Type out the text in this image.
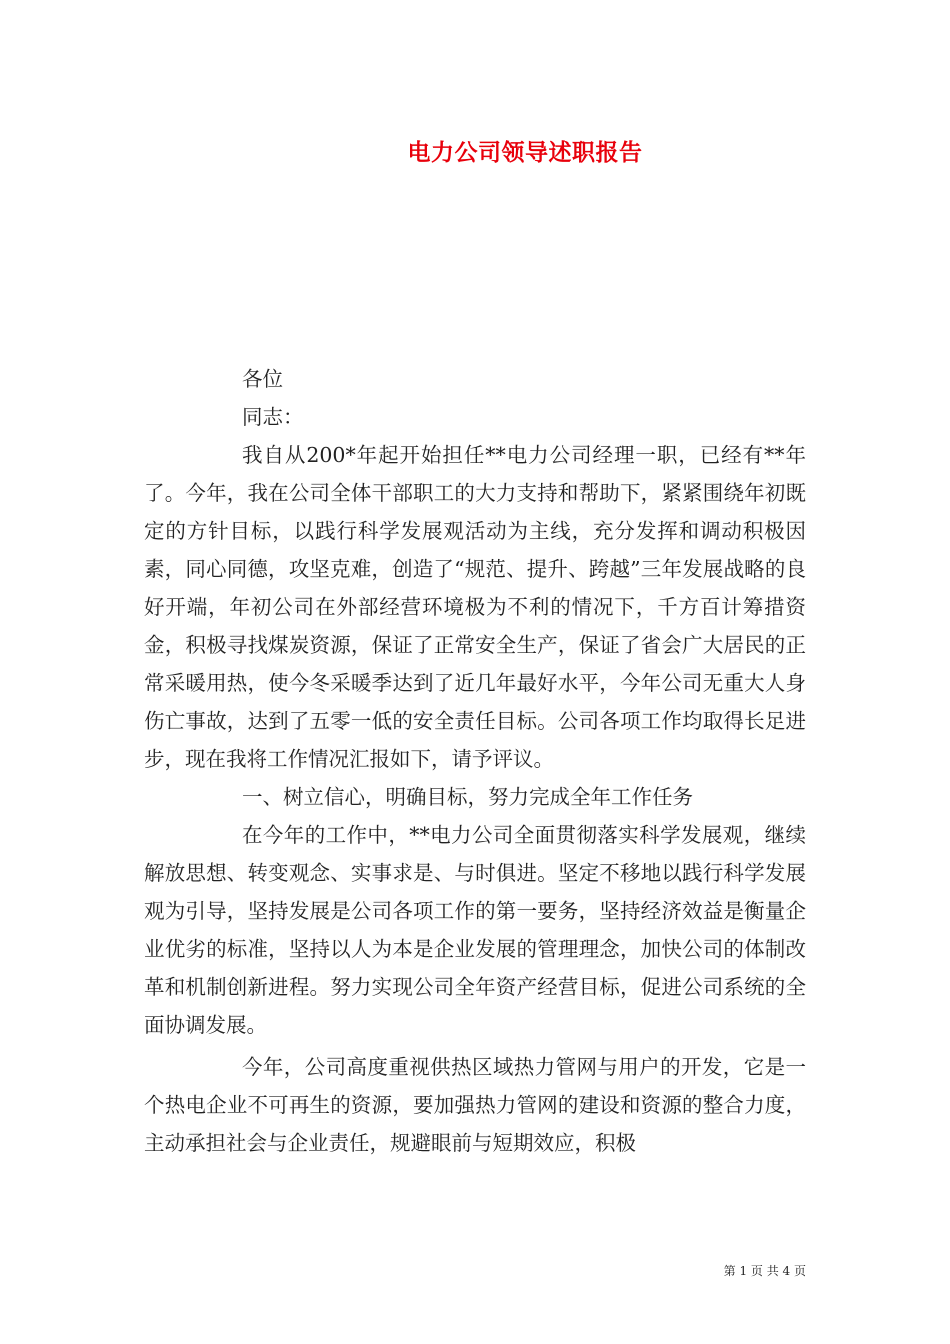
电力公司领导述职报告
各位
同志：

我自从200*年起开始担任**电力公司经理一职，已经有**年了。今年，我在公司全体干部职工的大力支持和帮助下，紧紧围绕年初既定的方针目标，以践行科学发展观活动为主线，充分发挥和调动积极因素，同心同德，攻坚克难，创造了“规范、提升、跨越”三年发展战略的良好开端，年初公司在外部经营环境极为不利的情况下，千方百计筹措资金，积极寻找煤炭资源，保证了正常安全生产，保证了省会广大居民的正常采暖用热，使今冬采暖季达到了近几年最好水平，今年公司无重大人身伤亡事故，达到了五零一低的安全责任目标。公司各项工作均取得长足进步，现在我将工作情况汇报如下，请予评议。

一、树立信心，明确目标，努力完成全年工作任务

在今年的工作中，**电力公司全面贯彻落实科学发展观，继续解放思想、转变观念、实事求是、与时俱进。坚定不移地以践行科学发展观为引导，坚持发展是公司各项工作的第一要务，坚持经济效益是衡量企业优劣的标准，坚持以人为本是企业发展的管理理念，加快公司的体制改革和机制创新进程。努力实现公司全年资产经营目标，促进公司系统的全面协调发展。

今年，公司高度重视供热区域热力管网与用户的开发，它是一个热电企业不可再生的资源，要加强热力管网的建设和资源的整合力度，主动承担社会与企业责任，规避眼前与短期效应，积极

第 1 页 共 4 页
